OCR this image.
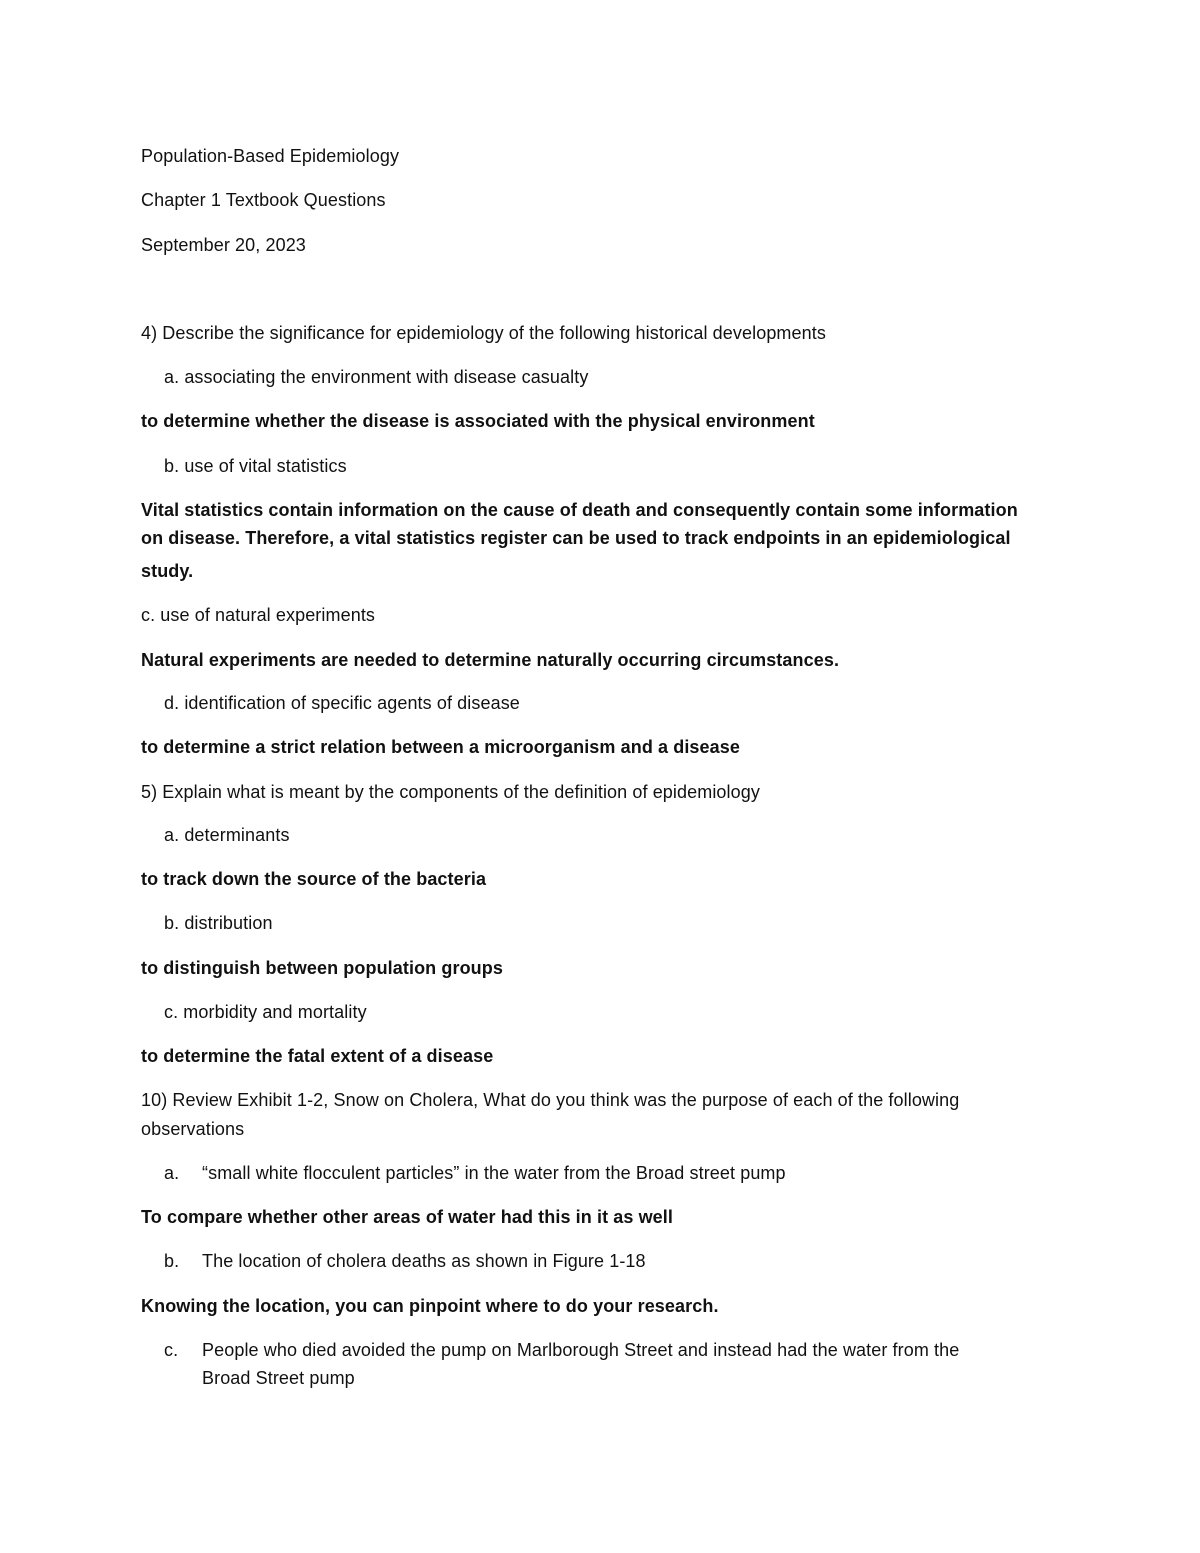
Population-Based Epidemiology
Chapter 1 Textbook Questions
September 20, 2023
4) Describe the significance for epidemiology of the following historical developments
a. associating the environment with disease casualty
to determine whether the disease is associated with the physical environment
b. use of vital statistics
Vital statistics contain information on the cause of death and consequently contain some information
on disease. Therefore, a vital statistics register can be used to track endpoints in an epidemiological
study.
c. use of natural experiments
Natural experiments are needed to determine naturally occurring circumstances.
d. identification of specific agents of disease
to determine a strict relation between a microorganism and a disease
5) Explain what is meant by the components of the definition of epidemiology
a. determinants
to track down the source of the bacteria
b. distribution
to distinguish between population groups
c. morbidity and mortality
to determine the fatal extent of a disease
10) Review Exhibit 1-2, Snow on Cholera, What do you think was the purpose of each of the following
observations
a. “small white flocculent particles” in the water from the Broad street pump
To compare whether other areas of water had this in it as well
b. The location of cholera deaths as shown in Figure 1-18
Knowing the location, you can pinpoint where to do your research.
c. People who died avoided the pump on Marlborough Street and instead had the water from the
Broad Street pump
